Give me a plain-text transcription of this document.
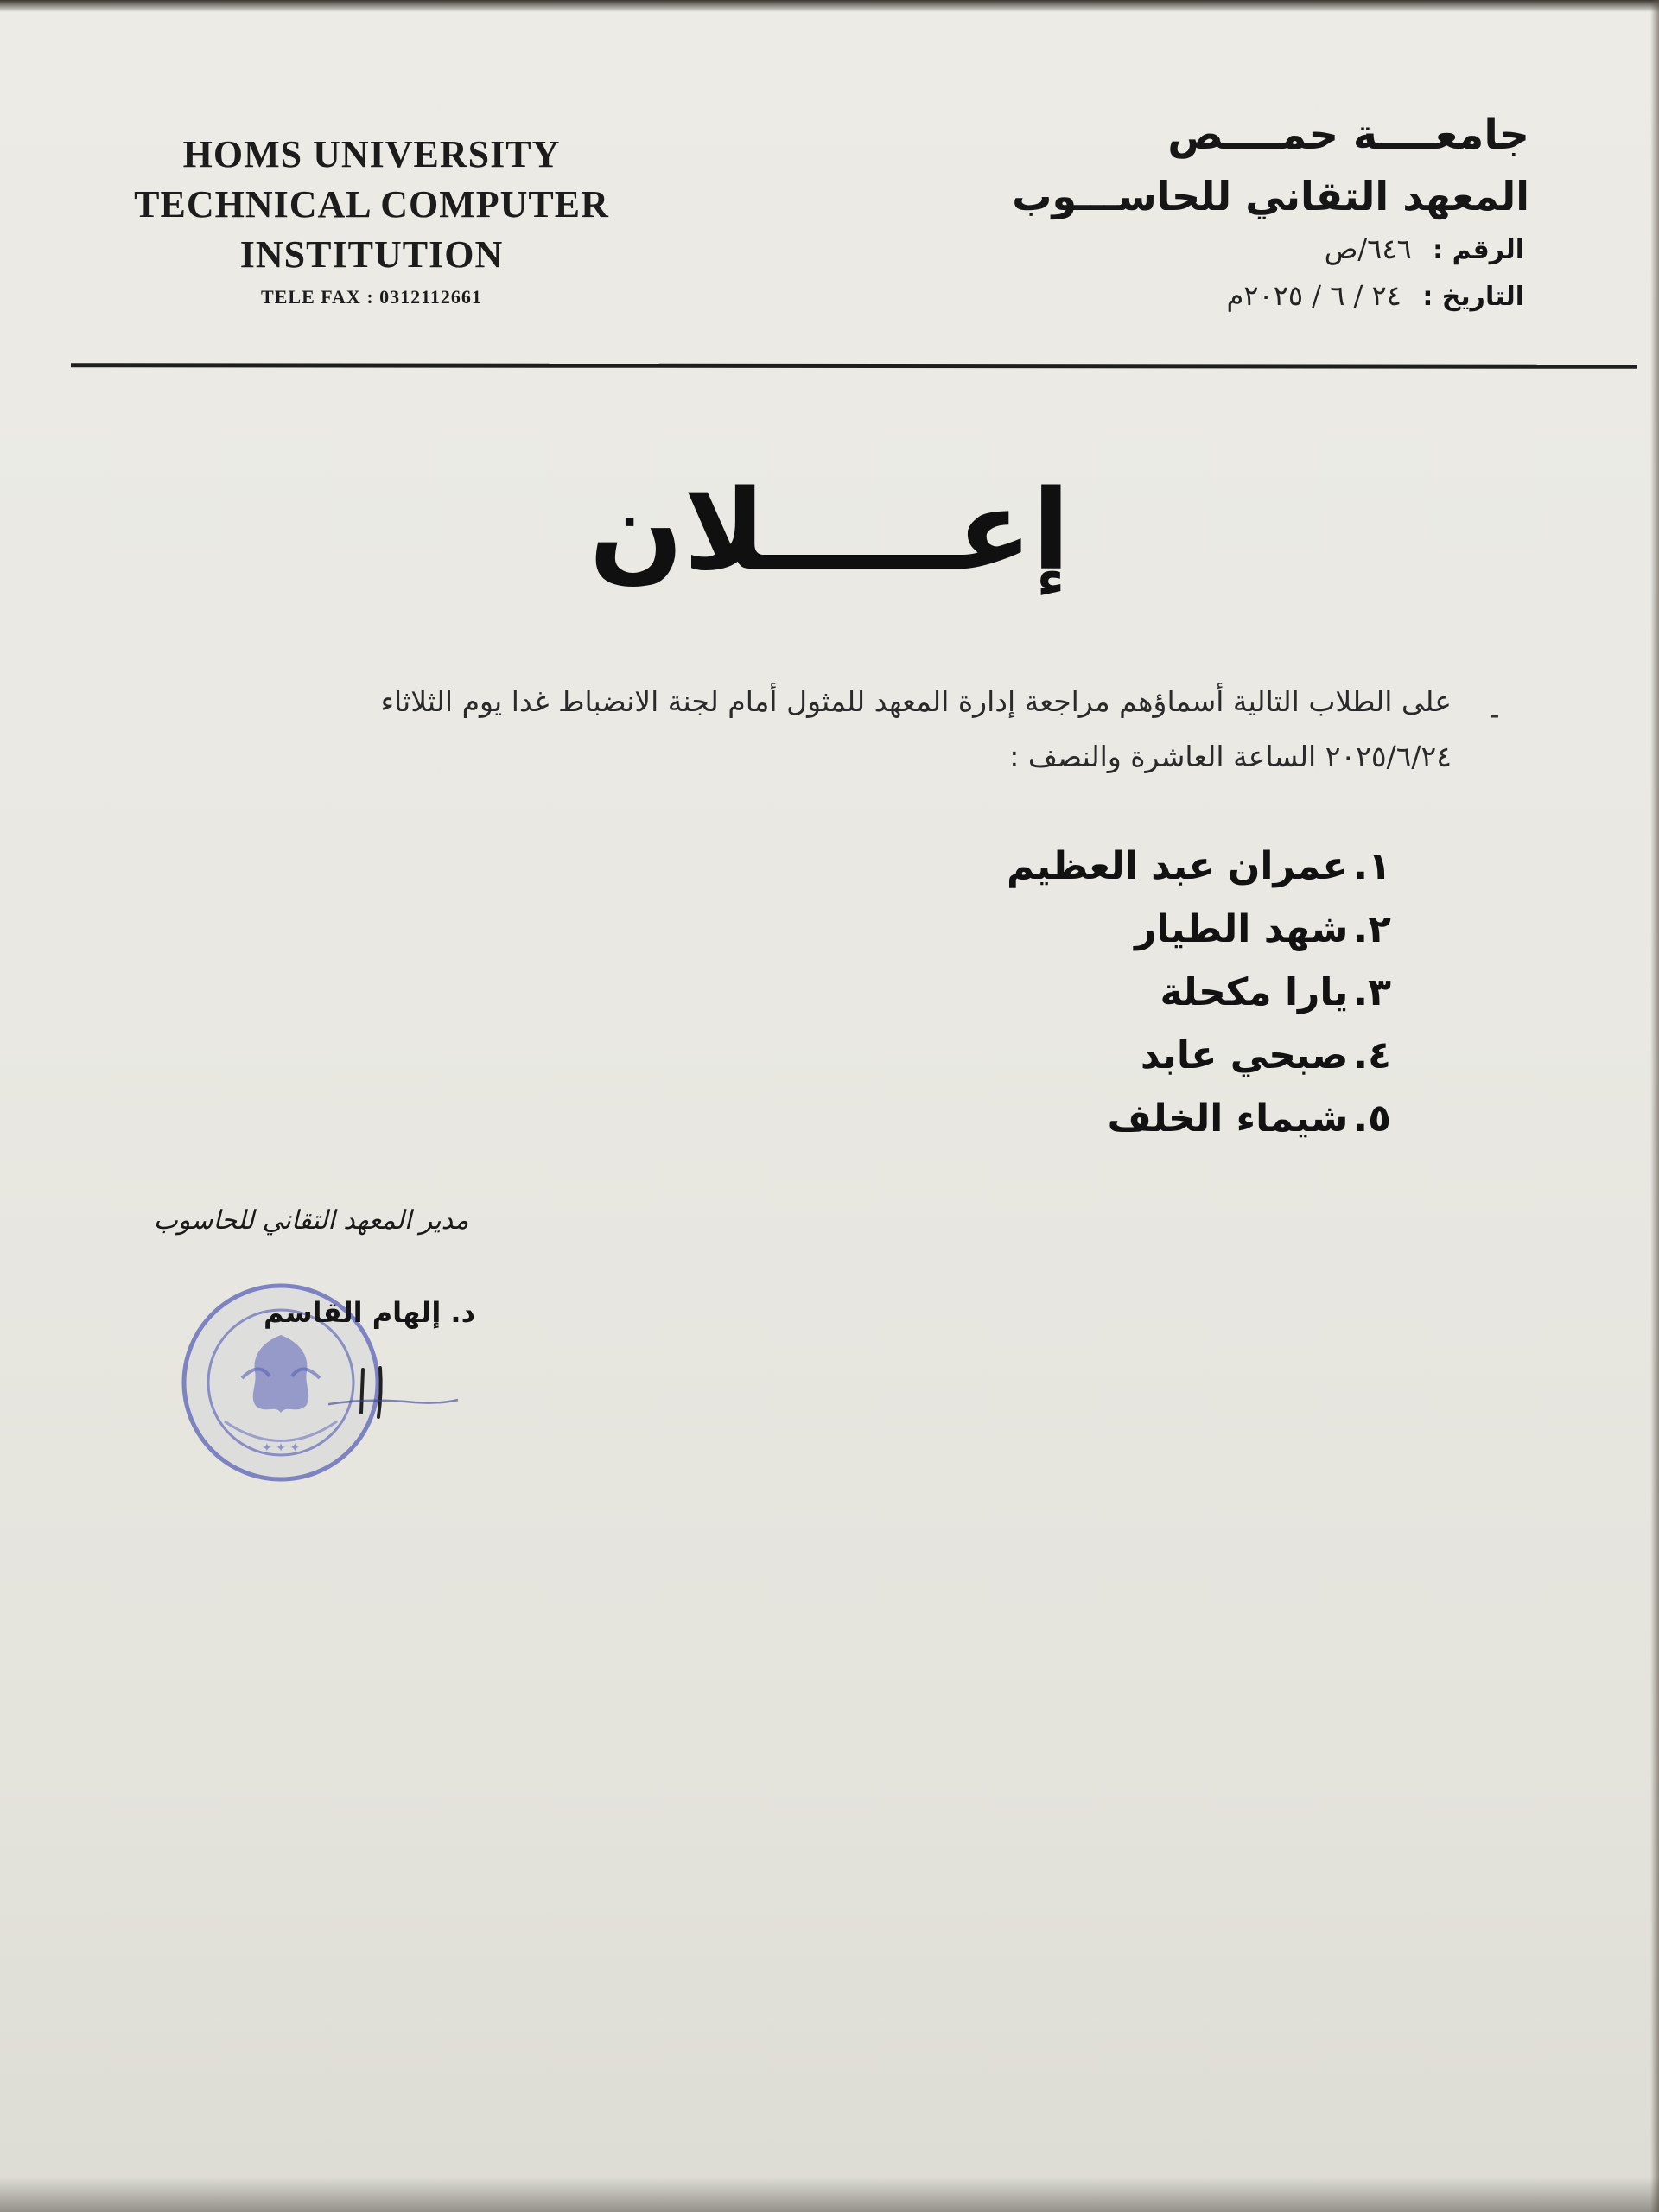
HOMS UNIVERSITY
TECHNICAL COMPUTER
INSTITUTION
TELE FAX : 0312112661
جامعــــة حمــــص
المعهد التقاني للحاســـوب
الرقم : ٦٤٦/ص
التاريخ : ٢٤ / ٦ / ٢٠٢٥م
إعـــــلان
-
على الطلاب التالية أسماؤهم مراجعة إدارة المعهد للمثول أمام لجنة الانضباط غدا يوم الثلاثاء
٢٠٢٥/٦/٢٤ الساعة العاشرة والنصف :
١.عمران عبد العظيم
٢.شهد الطيار
٣.يارا مكحلة
٤.صبحي عابد
٥.شيماء الخلف
مدير المعهد التقاني للحاسوب
✦ ✦ ✦
د. إلهام القاسم
